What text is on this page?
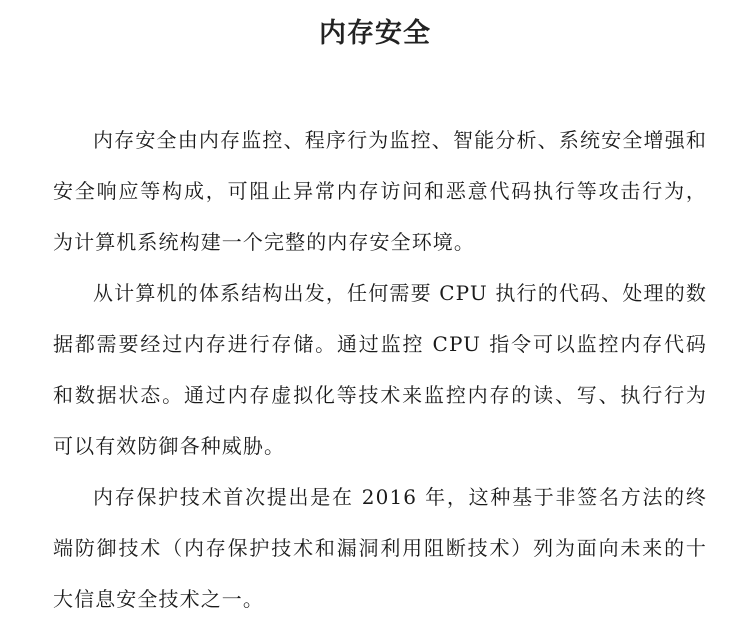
内存安全

内存安全由内存监控、程序行为监控、智能分析、系统安全增强和安全响应等构成，可阻止异常内存访问和恶意代码执行等攻击行为，为计算机系统构建一个完整的内存安全环境。

从计算机的体系结构出发，任何需要 CPU 执行的代码、处理的数据都需要经过内存进行存储。通过监控 CPU 指令可以监控内存代码和数据状态。通过内存虚拟化等技术来监控内存的读、写、执行行为可以有效防御各种威胁。

内存保护技术首次提出是在 2016 年，这种基于非签名方法的终端防御技术（内存保护技术和漏洞利用阻断技术）列为面向未来的十大信息安全技术之一。
